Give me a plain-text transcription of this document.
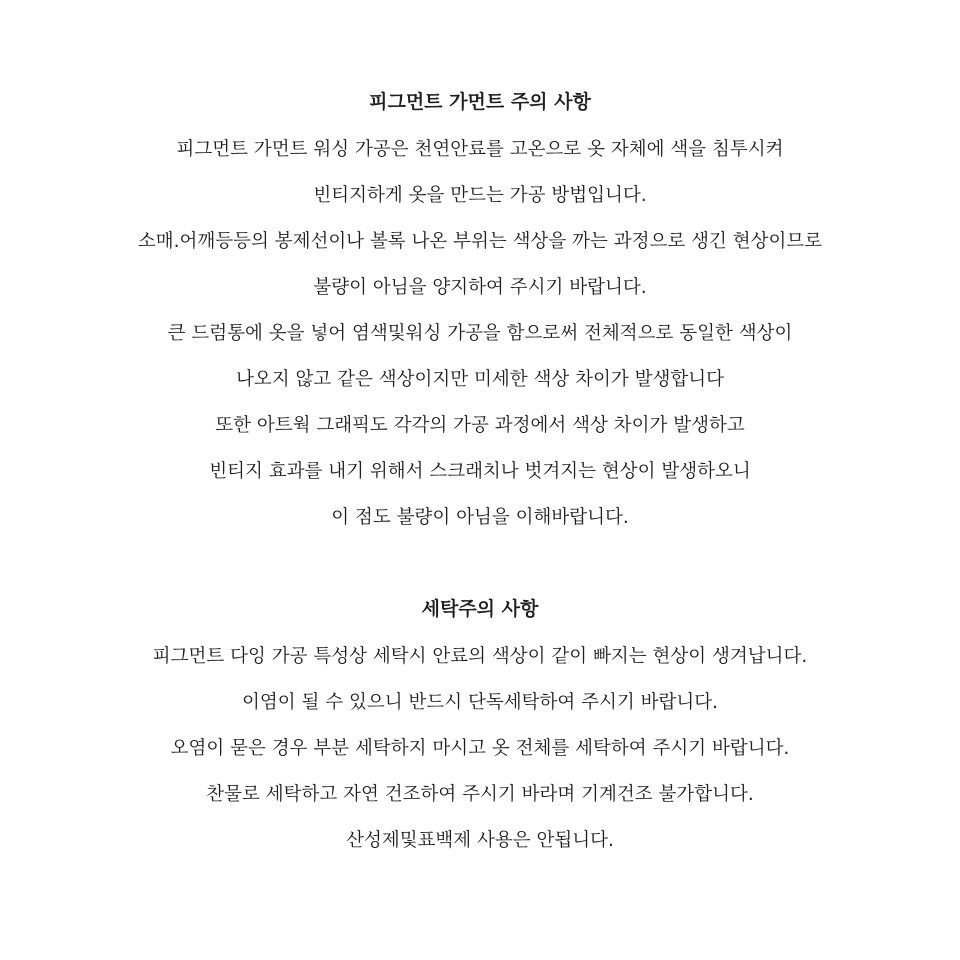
피그먼트 가먼트 주의 사항
피그먼트 가먼트 워싱 가공은 천연안료를 고온으로 옷 자체에 색을 침투시켜
빈티지하게 옷을 만드는 가공 방법입니다.
소매.어깨등등의 봉제선이나 볼록 나온 부위는 색상을 까는 과정으로 생긴 현상이므로
불량이 아님을 양지하여 주시기 바랍니다.
큰 드럼통에 옷을 넣어 염색및워싱 가공을 함으로써 전체적으로 동일한 색상이
나오지 않고 같은 색상이지만 미세한 색상 차이가 발생합니다
또한 아트웍 그래픽도 각각의 가공 과정에서 색상 차이가 발생하고
빈티지 효과를 내기 위해서 스크래치나 벗겨지는 현상이 발생하오니
이 점도 불량이 아님을 이해바랍니다.
세탁주의 사항
피그먼트 다잉 가공 특성상 세탁시 안료의 색상이 같이 빠지는 현상이 생겨납니다.
이염이 될 수 있으니 반드시 단독세탁하여 주시기 바랍니다.
오염이 묻은 경우 부분 세탁하지 마시고 옷 전체를 세탁하여 주시기 바랍니다.
찬물로 세탁하고 자연 건조하여 주시기 바라며 기계건조 불가합니다.
산성제및표백제 사용은 안됩니다.
